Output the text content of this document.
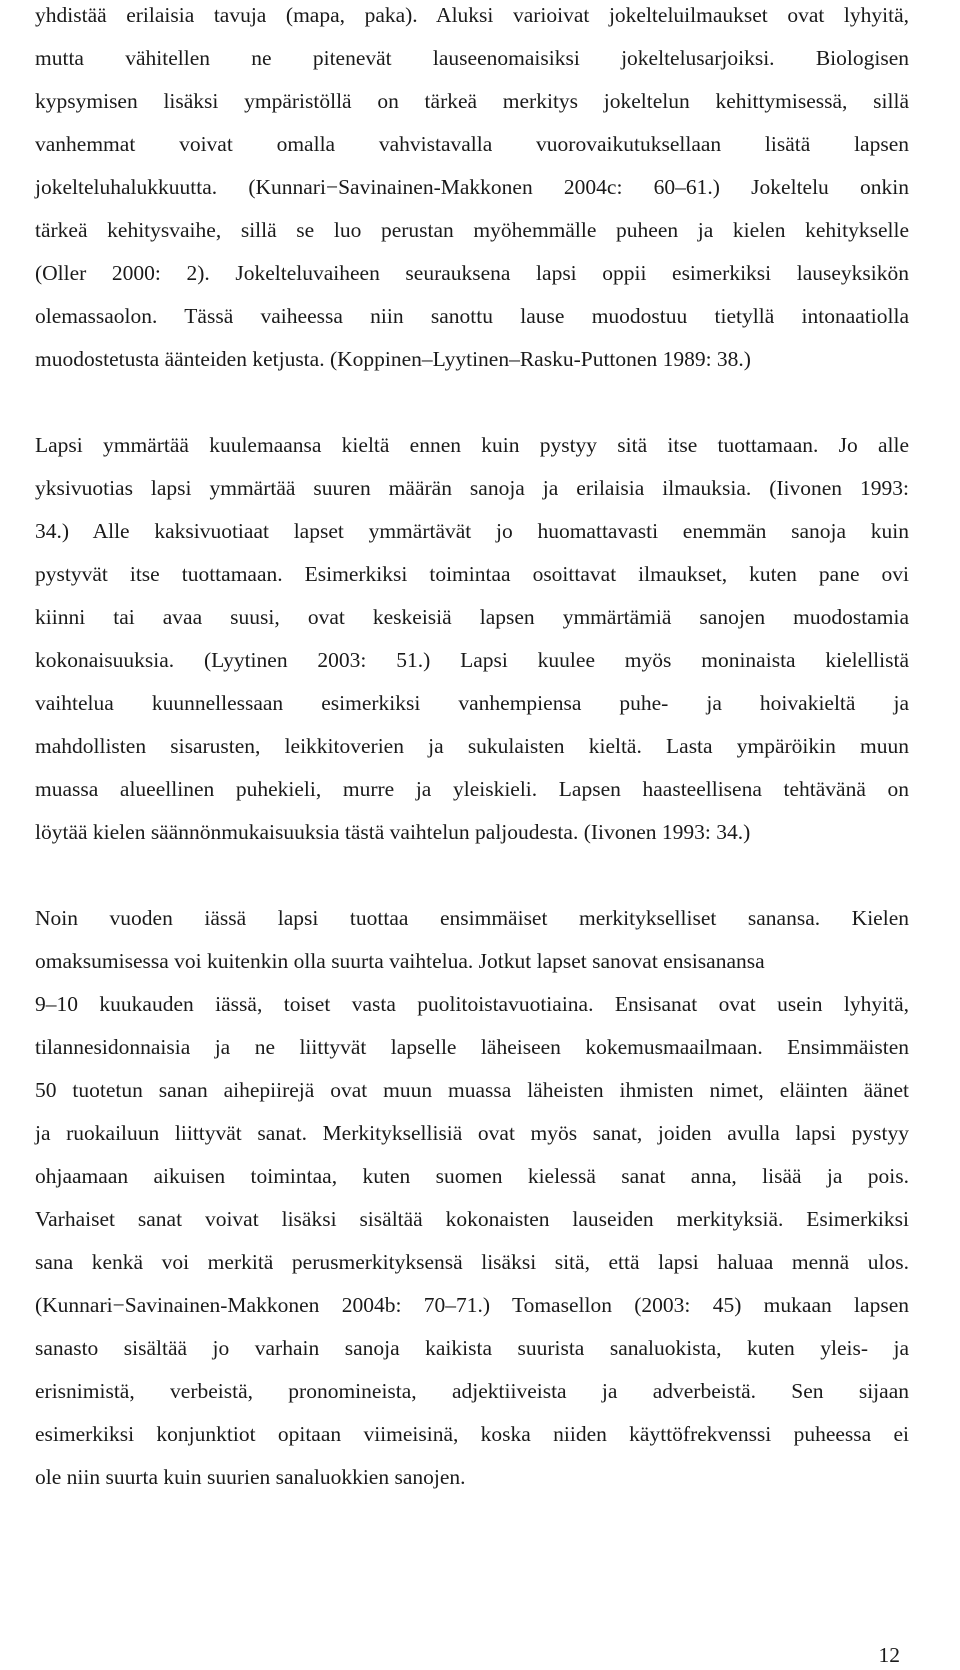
yhdistää erilaisia tavuja (mapa, paka). Aluksi varioivat jokelteluilmaukset ovat lyhyitä,
mutta vähitellen ne pitenevät lauseenomaisiksi jokeltelusarjoiksi. Biologisen
kypsymisen lisäksi ympäristöllä on tärkeä merkitys jokeltelun kehittymisessä, sillä
vanhemmat voivat omalla vahvistavalla vuorovaikutuksellaan lisätä lapsen
jokelteluhalukkuutta. (Kunnari−Savinainen-Makkonen 2004c: 60–61.) Jokeltelu onkin
tärkeä kehitysvaihe, sillä se luo perustan myöhemmälle puheen ja kielen kehitykselle
(Oller 2000: 2). Jokelteluvaiheen seurauksena lapsi oppii esimerkiksi lauseyksikön
olemassaolon. Tässä vaiheessa niin sanottu lause muodostuu tietyllä intonaatiolla
muodostetusta äänteiden ketjusta. (Koppinen–Lyytinen–Rasku-Puttonen 1989: 38.)
Lapsi ymmärtää kuulemaansa kieltä ennen kuin pystyy sitä itse tuottamaan. Jo alle
yksivuotias lapsi ymmärtää suuren määrän sanoja ja erilaisia ilmauksia. (Iivonen 1993:
34.) Alle kaksivuotiaat lapset ymmärtävät jo huomattavasti enemmän sanoja kuin
pystyvät itse tuottamaan. Esimerkiksi toimintaa osoittavat ilmaukset, kuten pane ovi
kiinni tai avaa suusi, ovat keskeisiä lapsen ymmärtämiä sanojen muodostamia
kokonaisuuksia. (Lyytinen 2003: 51.) Lapsi kuulee myös moninaista kielellistä
vaihtelua kuunnellessaan esimerkiksi vanhempiensa puhe- ja hoivakieltä ja
mahdollisten sisarusten, leikkitoverien ja sukulaisten kieltä. Lasta ympäröikin muun
muassa alueellinen puhekieli, murre ja yleiskieli. Lapsen haasteellisena tehtävänä on
löytää kielen säännönmukaisuuksia tästä vaihtelun paljoudesta. (Iivonen 1993: 34.)
Noin vuoden iässä lapsi tuottaa ensimmäiset merkitykselliset sanansa. Kielen
omaksumisessa voi kuitenkin olla suurta vaihtelua. Jotkut lapset sanovat ensisanansa
9–10 kuukauden iässä, toiset vasta puolitoistavuotiaina. Ensisanat ovat usein lyhyitä,
tilannesidonnaisia ja ne liittyvät lapselle läheiseen kokemusmaailmaan. Ensimmäisten
50 tuotetun sanan aihepiirejä ovat muun muassa läheisten ihmisten nimet, eläinten äänet
ja ruokailuun liittyvät sanat. Merkityksellisiä ovat myös sanat, joiden avulla lapsi pystyy
ohjaamaan aikuisen toimintaa, kuten suomen kielessä sanat anna, lisää ja pois.
Varhaiset sanat voivat lisäksi sisältää kokonaisten lauseiden merkityksiä. Esimerkiksi
sana kenkä voi merkitä perusmerkityksensä lisäksi sitä, että lapsi haluaa mennä ulos.
(Kunnari−Savinainen-Makkonen 2004b: 70–71.) Tomasellon (2003: 45) mukaan lapsen
sanasto sisältää jo varhain sanoja kaikista suurista sanaluokista, kuten yleis- ja
erisnimistä, verbeistä, pronomineista, adjektiiveista ja adverbeistä. Sen sijaan
esimerkiksi konjunktiot opitaan viimeisinä, koska niiden käyttöfrekvenssi puheessa ei
ole niin suurta kuin suurien sanaluokkien sanojen.
12
